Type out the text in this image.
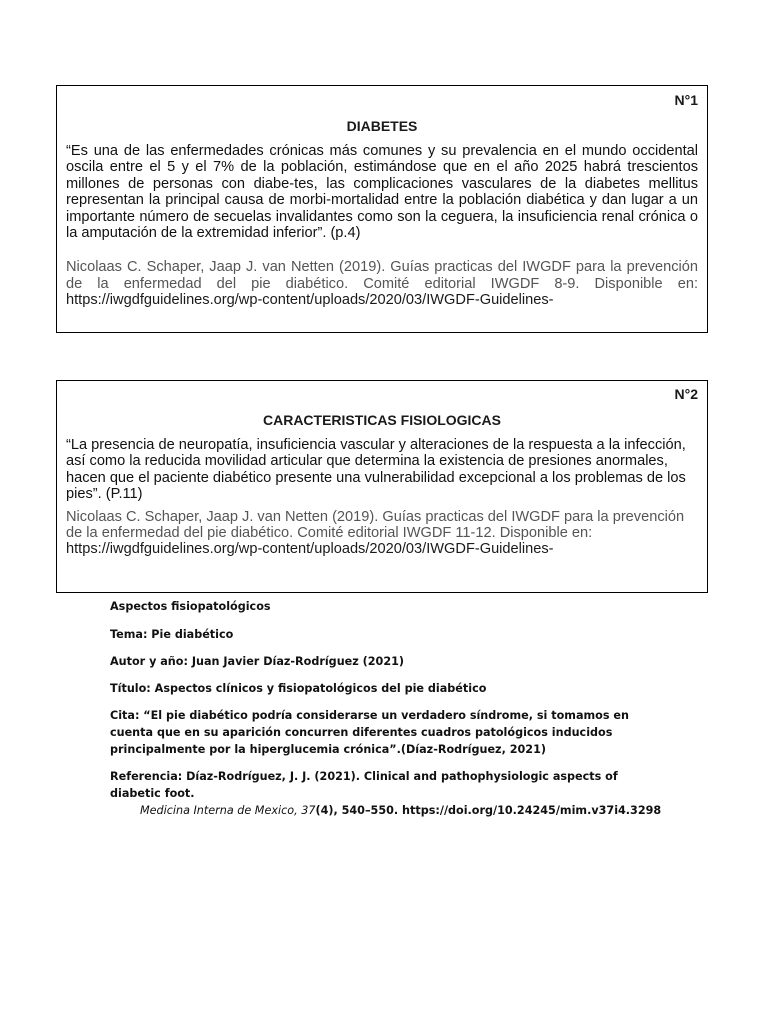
N°1

DIABETES

“Es una de las enfermedades crónicas más comunes y su prevalencia en el mundo occidental oscila entre el 5 y el 7% de la población, estimándose que en el año 2025 habrá trescientos millones de personas con diabe-tes, las complicaciones vasculares de la diabetes mellitus representan la principal causa de morbi-mortalidad entre la población diabética y dan lugar a un importante número de secuelas invalidantes como son la ceguera, la insuficiencia renal crónica o la amputación de la extremidad inferior”. (p.4)

Nicolaas C. Schaper, Jaap J. van Netten (2019). Guías practicas del IWGDF para la prevención de la enfermedad del pie diabético. Comité editorial IWGDF 8-9. Disponible en: https://iwgdfguidelines.org/wp-content/uploads/2020/03/IWGDF-Guidelines-

N°2

CARACTERISTICAS FISIOLOGICAS

“La presencia de neuropatía, insuficiencia vascular y alteraciones de la respuesta a la infección, así como la reducida movilidad articular que determina la existencia de presiones anormales, hacen que el paciente diabético presente una vulnerabilidad excepcional a los problemas de los pies”. (P.11)

Nicolaas C. Schaper, Jaap J. van Netten (2019). Guías practicas del IWGDF para la prevención de la enfermedad del pie diabético. Comité editorial IWGDF 11-12. Disponible en: https://iwgdfguidelines.org/wp-content/uploads/2020/03/IWGDF-Guidelines-

Aspectos fisiopatológicos

Tema: Pie diabético

Autor y año: Juan Javier Díaz-Rodríguez (2021)

Título: Aspectos clínicos y fisiopatológicos del pie diabético

Cita: “El pie diabético podría considerarse un verdadero síndrome, si tomamos en cuenta que en su aparición concurren diferentes cuadros patológicos inducidos principalmente por la hiperglucemia crónica”.(Díaz-Rodríguez, 2021)

Referencia: Díaz-Rodríguez, J. J. (2021). Clinical and pathophysiologic aspects of diabetic foot.
Medicina Interna de Mexico, 37(4), 540–550. https://doi.org/10.24245/mim.v37i4.3298
